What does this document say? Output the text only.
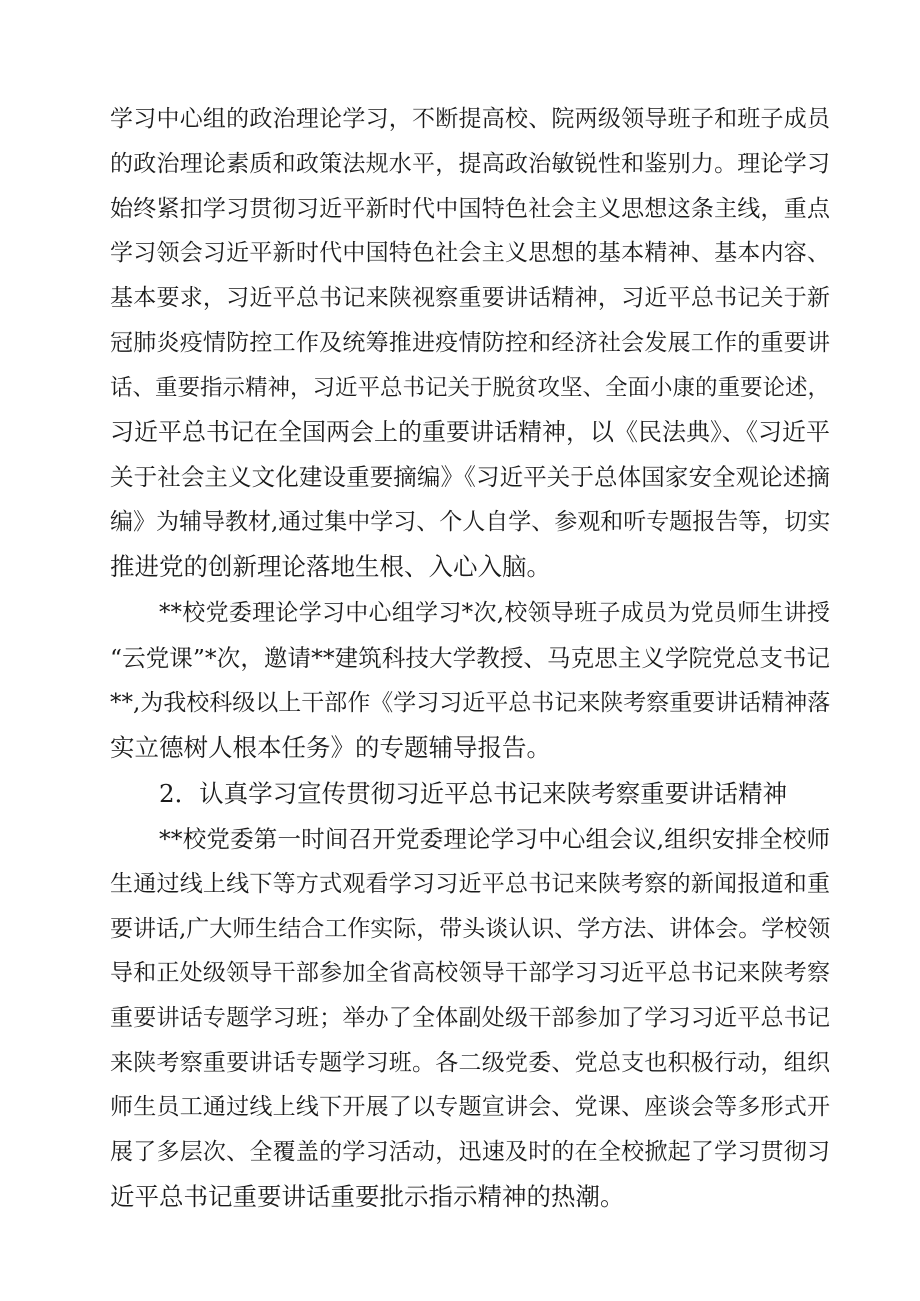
学习中心组的政治理论学习，不断提高校、院两级领导班子和班子成员
的政治理论素质和政策法规水平，提高政治敏锐性和鉴别力。理论学习
始终紧扣学习贯彻习近平新时代中国特色社会主义思想这条主线，重点
学习领会习近平新时代中国特色社会主义思想的基本精神、基本内容、
基本要求，习近平总书记来陕视察重要讲话精神，习近平总书记关于新
冠肺炎疫情防控工作及统筹推进疫情防控和经济社会发展工作的重要讲
话、重要指示精神，习近平总书记关于脱贫攻坚、全面小康的重要论述，
习近平总书记在全国两会上的重要讲话精神，以《民法典》、《习近平
关于社会主义文化建设重要摘编》《习近平关于总体国家安全观论述摘
编》为辅导教材,通过集中学习、个人自学、参观和听专题报告等，切实
推进党的创新理论落地生根、入心入脑。
**校党委理论学习中心组学习*次,校领导班子成员为党员师生讲授
“云党课”*次，邀请**建筑科技大学教授、马克思主义学院党总支书记
**,为我校科级以上干部作《学习习近平总书记来陕考察重要讲话精神落
实立德树人根本任务》的专题辅导报告。
2．认真学习宣传贯彻习近平总书记来陕考察重要讲话精神
**校党委第一时间召开党委理论学习中心组会议,组织安排全校师
生通过线上线下等方式观看学习习近平总书记来陕考察的新闻报道和重
要讲话,广大师生结合工作实际，带头谈认识、学方法、讲体会。学校领
导和正处级领导干部参加全省高校领导干部学习习近平总书记来陕考察
重要讲话专题学习班；举办了全体副处级干部参加了学习习近平总书记
来陕考察重要讲话专题学习班。各二级党委、党总支也积极行动，组织
师生员工通过线上线下开展了以专题宣讲会、党课、座谈会等多形式开
展了多层次、全覆盖的学习活动，迅速及时的在全校掀起了学习贯彻习
近平总书记重要讲话重要批示指示精神的热潮。
